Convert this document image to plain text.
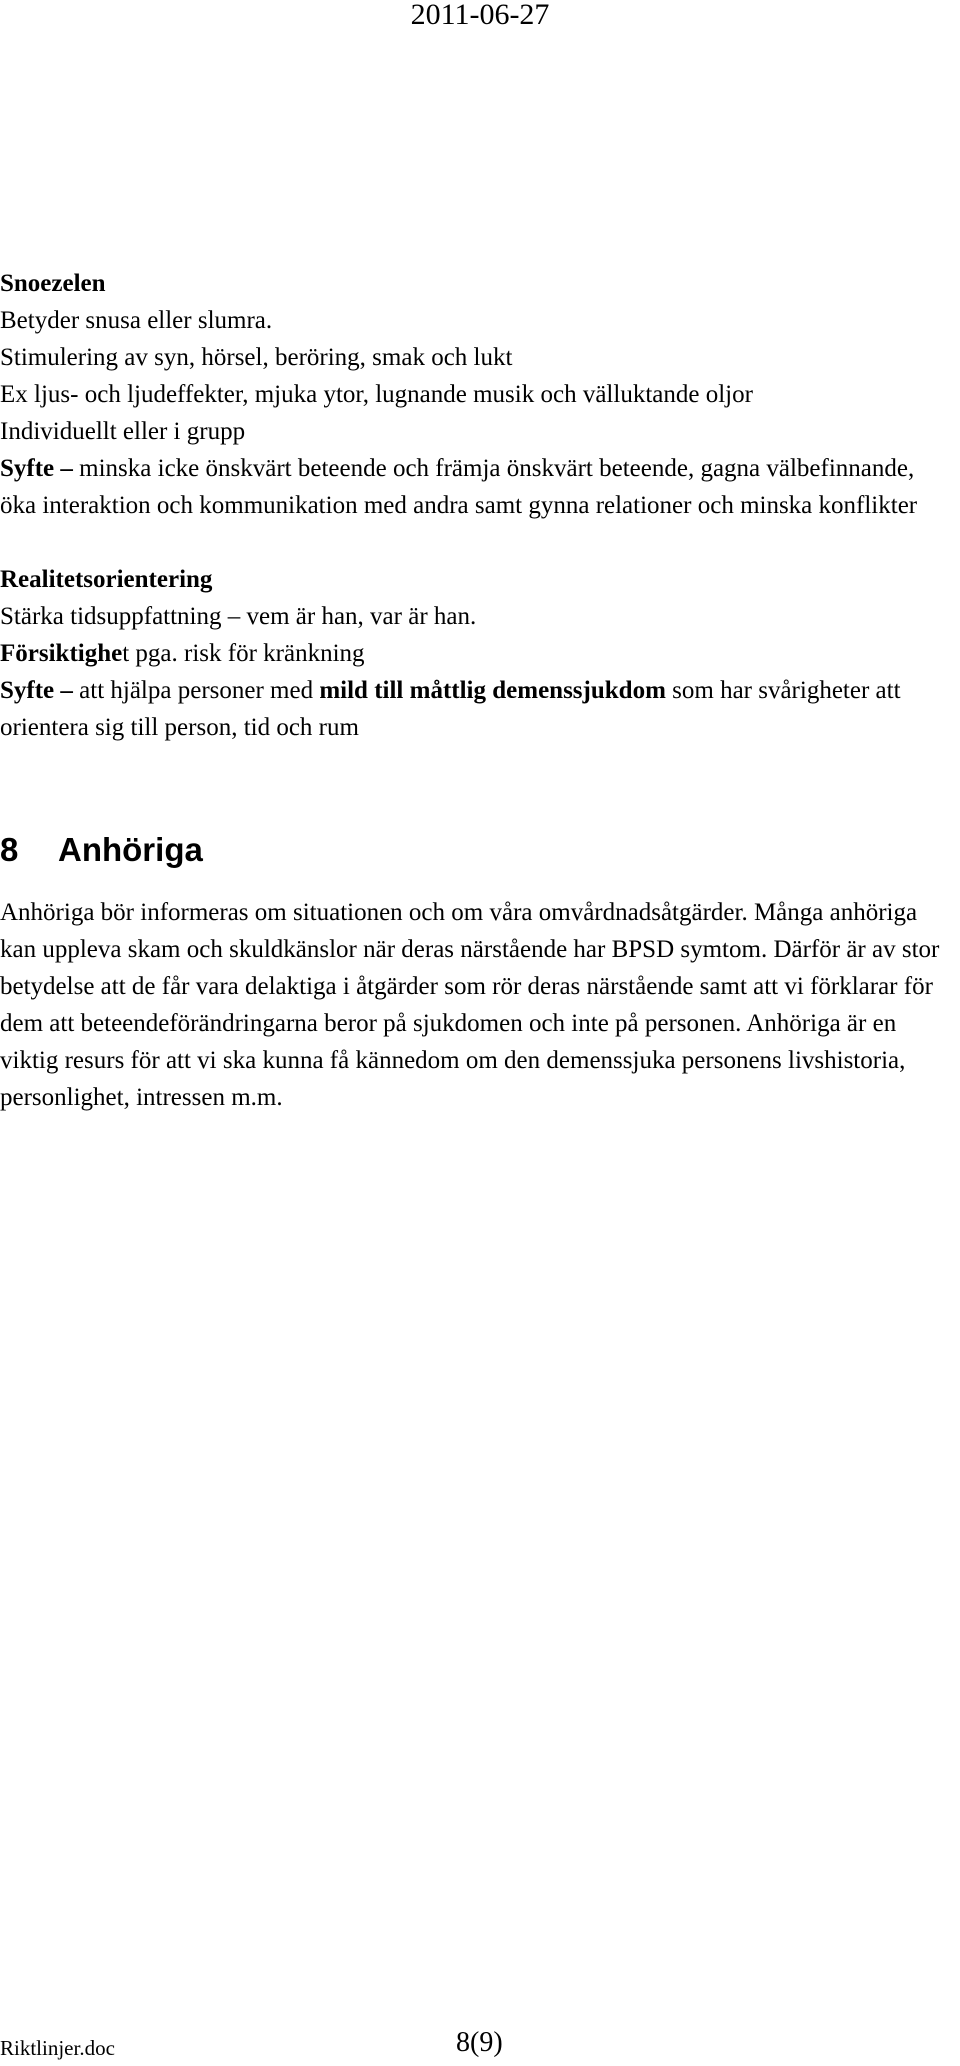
2011-06-27

Snoezelen

Betyder snusa eller slumra.

Stimulering av syn, hörsel, beröring, smak och lukt

Ex ljus- och ljudeffekter, mjuka ytor, lugnande musik och välluktande oljor

Individuellt eller i grupp

Syfte – minska icke önskvärt beteende och främja önskvärt beteende, gagna välbefinnande, öka interaktion och kommunikation med andra samt gynna relationer och minska konflikter

Realitetsorientering

Stärka tidsuppfattning – vem är han, var är han.

Försiktighet pga. risk för kränkning

Syfte – att hjälpa personer med mild till måttlig demenssjukdom som har svårigheter att orientera sig till person, tid och rum

8 Anhöriga

Anhöriga bör informeras om situationen och om våra omvårdnadsåtgärder. Många anhöriga kan uppleva skam och skuldkänslor när deras närstående har BPSD symtom. Därför är av stor betydelse att de får vara delaktiga i åtgärder som rör deras närstående samt att vi förklarar för dem att beteendeförändringarna beror på sjukdomen och inte på personen. Anhöriga är en viktig resurs för att vi ska kunna få kännedom om den demenssjuka personens livshistoria, personlighet, intressen m.m.

Riktlinjer.doc	8(9)
